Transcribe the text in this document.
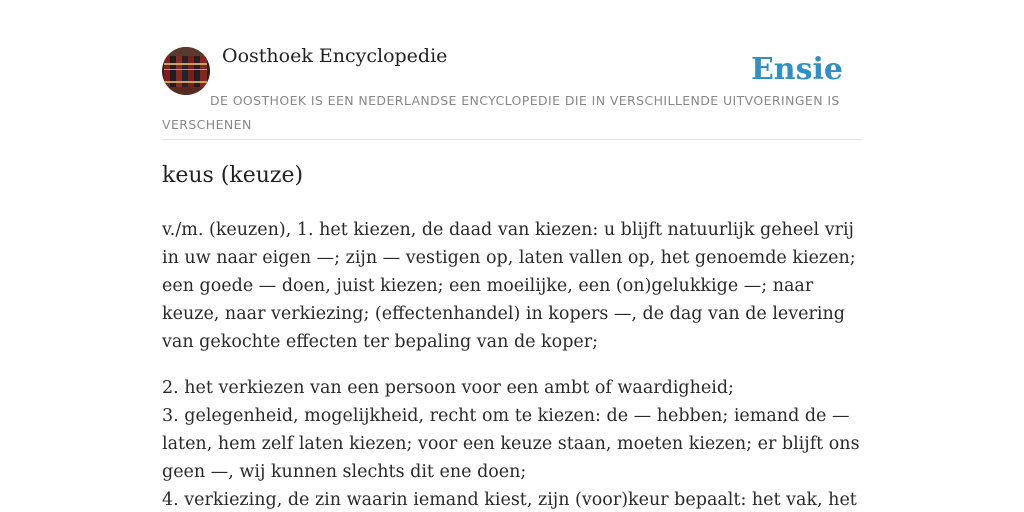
Oosthoek Encyclopedie	Ensie
DE OOSTHOEK IS EEN NEDERLANDSE ENCYCLOPEDIE DIE IN VERSCHILLENDE UITVOERINGEN IS VERSCHENEN
keus (keuze)

v./m. (keuzen), 1. het kiezen, de daad van kiezen: u blijft natuurlijk geheel vrij in uw naar eigen —; zijn — vestigen op, laten vallen op, het genoemde kiezen; een goede — doen, juist kiezen; een moeilijke, een (on)gelukkige —; naar keuze, naar verkiezing; (effectenhandel) in kopers —, de dag van de levering van gekochte effecten ter bepaling van de koper;

2. het verkiezen van een persoon voor een ambt of waardigheid;

3. gelegenheid, mogelijkheid, recht om te kiezen: de — hebben; iemand de — laten, hem zelf laten kiezen; voor een keuze staan, moeten kiezen; er blijft ons geen —, wij kunnen slechts dit ene doen;

4. verkiezing, de zin waarin iemand kiest, zijn (voor)keur bepaalt: het vak, het
